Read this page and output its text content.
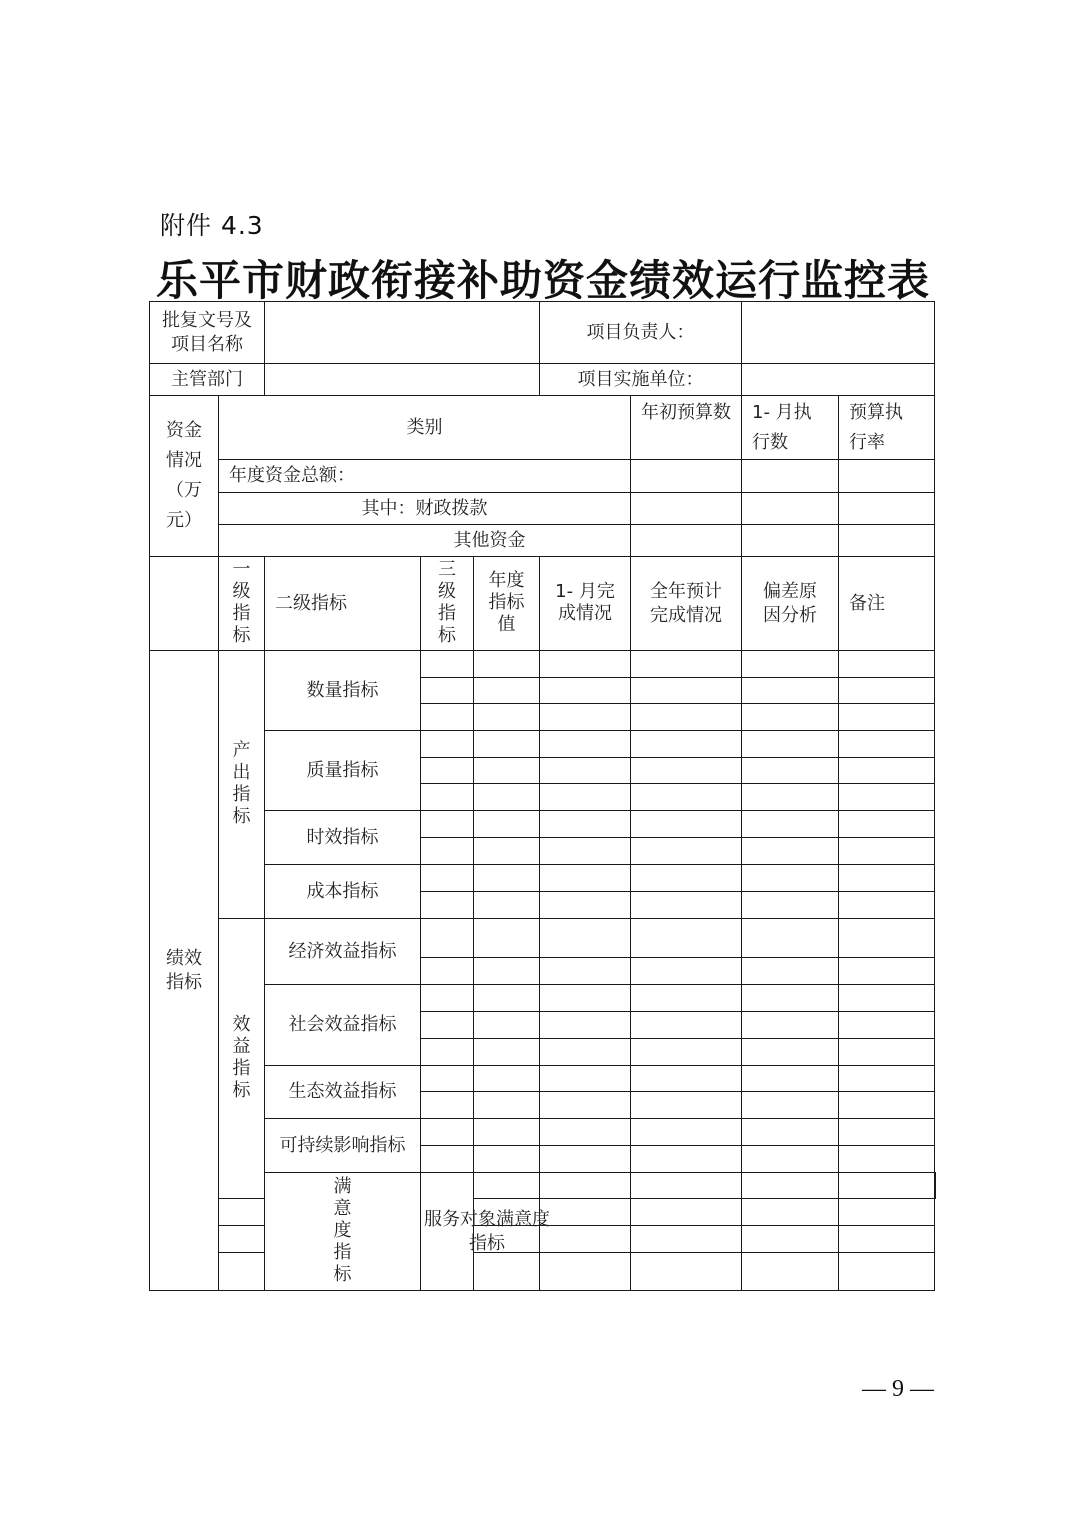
附件 4.3
乐平市财政衔接补助资金绩效运行监控表
批复文号及项目名称					项目负责人：				
主管部门					项目实施单位：				
资金情况（万元）	类别					年初预算数	1- 月执行数	预算执行率	
	年度资金总额：								
	其中：财政拨款								
	其他资金								
	一级指标	二级指标	三级指标	年度指标值	1- 月完成情况	全年预计完成情况	偏差原因分析	备注	
绩效指标	产出指标	数量指标							

		质量指标							

		时效指标							

		成本指标							

	效益指标	经济效益指标							

		社会效益指标							

		生态效益指标							

		可持续影响指标							

		满意度指标	服务对象满意度指标						

— 9 —
